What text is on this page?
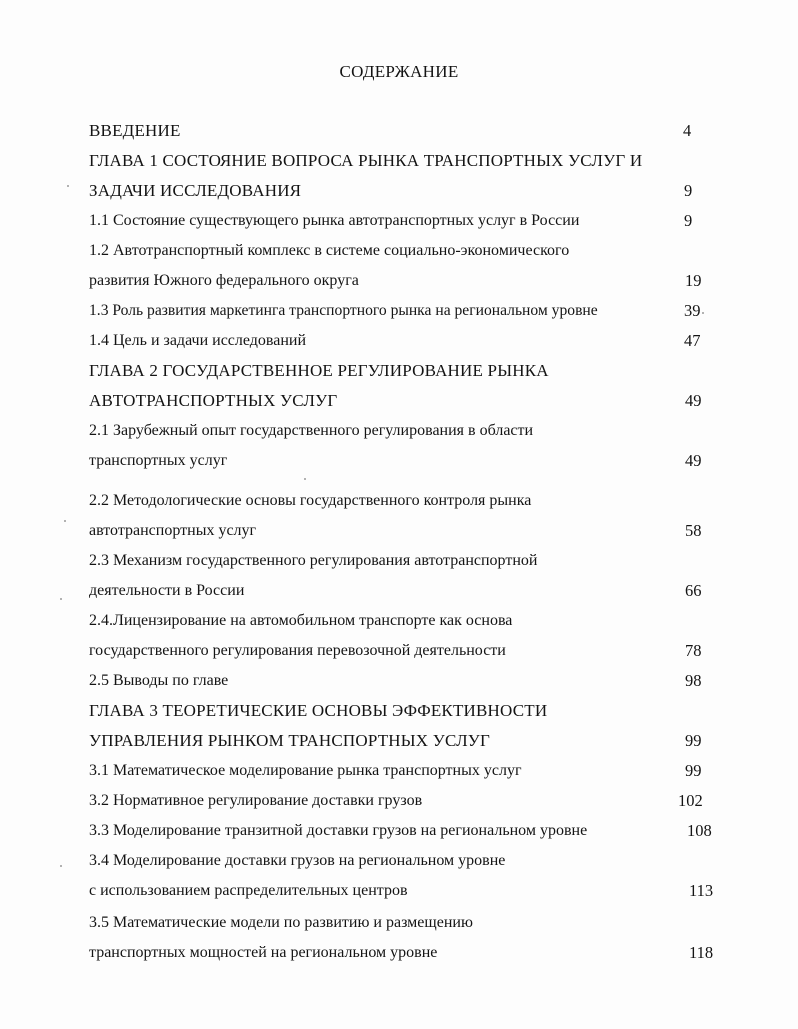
СОДЕРЖАНИЕ
ВВЕДЕНИЕ	4
ГЛАВА 1 СОСТОЯНИЕ ВОПРОСА РЫНКА ТРАНСПОРТНЫХ УСЛУГ И
ЗАДАЧИ ИССЛЕДОВАНИЯ	9
1.1 Состояние существующего рынка автотранспортных услуг в России	9
1.2 Автотранспортный комплекс в системе социально-экономического
развития Южного федерального округа	19
1.3 Роль развития маркетинга транспортного рынка на региональном уровне	39
1.4 Цель и задачи исследований	47
ГЛАВА 2 ГОСУДАРСТВЕННОЕ РЕГУЛИРОВАНИЕ РЫНКА
АВТОТРАНСПОРТНЫХ УСЛУГ	49
2.1 Зарубежный опыт государственного регулирования в области
транспортных услуг	49
2.2 Методологические основы государственного контроля рынка
автотранспортных услуг	58
2.3 Механизм государственного регулирования автотранспортной
деятельности в России	66
2.4.Лицензирование на автомобильном транспорте как основа
государственного регулирования перевозочной деятельности	78
2.5 Выводы по главе	98
ГЛАВА 3 ТЕОРЕТИЧЕСКИЕ ОСНОВЫ ЭФФЕКТИВНОСТИ
УПРАВЛЕНИЯ РЫНКОМ ТРАНСПОРТНЫХ УСЛУГ	99
3.1 Математическое моделирование рынка транспортных услуг	99
3.2 Нормативное регулирование доставки грузов	102
3.3 Моделирование транзитной доставки грузов на региональном уровне	108
3.4 Моделирование доставки грузов на региональном уровне
с использованием распределительных центров	113
3.5 Математические модели по развитию и размещению
транспортных мощностей на региональном уровне	118
